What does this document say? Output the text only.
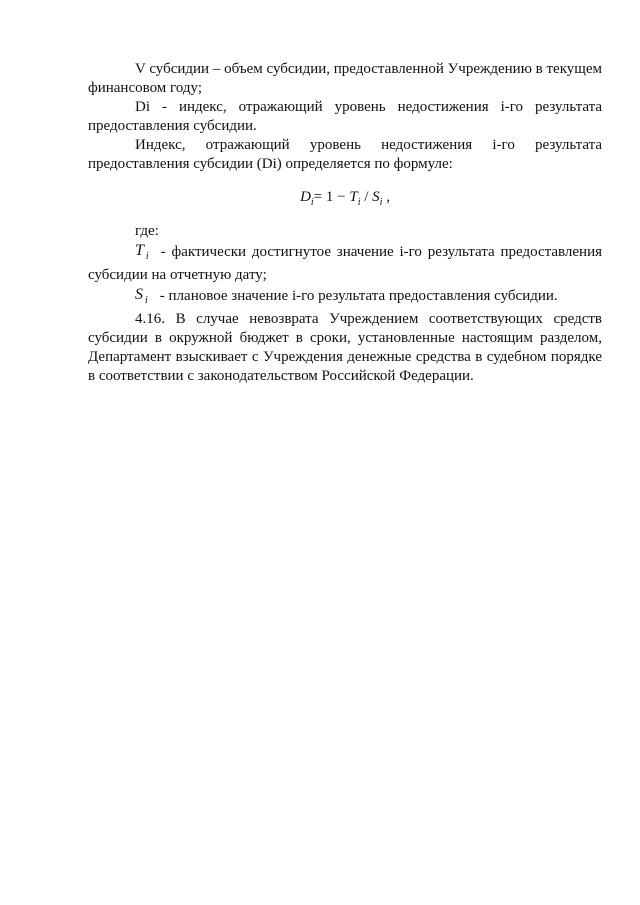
V субсидии – объем субсидии, предоставленной Учреждению в текущем финансовом году;

Di - индекс, отражающий уровень недостижения i-го результата предоставления субсидии.

Индекс, отражающий уровень недостижения i-го результата предоставления субсидии (Di) определяется по формуле:

$D_i= 1 - T_i / S_i$ ,

где:

T $_i$ - фактически достигнутое значение i-го результата предоставления субсидии на отчетную дату;

S $_i$ - плановое значение i-го результата предоставления субсидии.

4.16. В случае невозврата Учреждением соответствующих средств субсидии в окружной бюджет в сроки, установленные настоящим разделом, Департамент взыскивает с Учреждения денежные средства в судебном порядке в соответствии с законодательством Российской Федерации.
